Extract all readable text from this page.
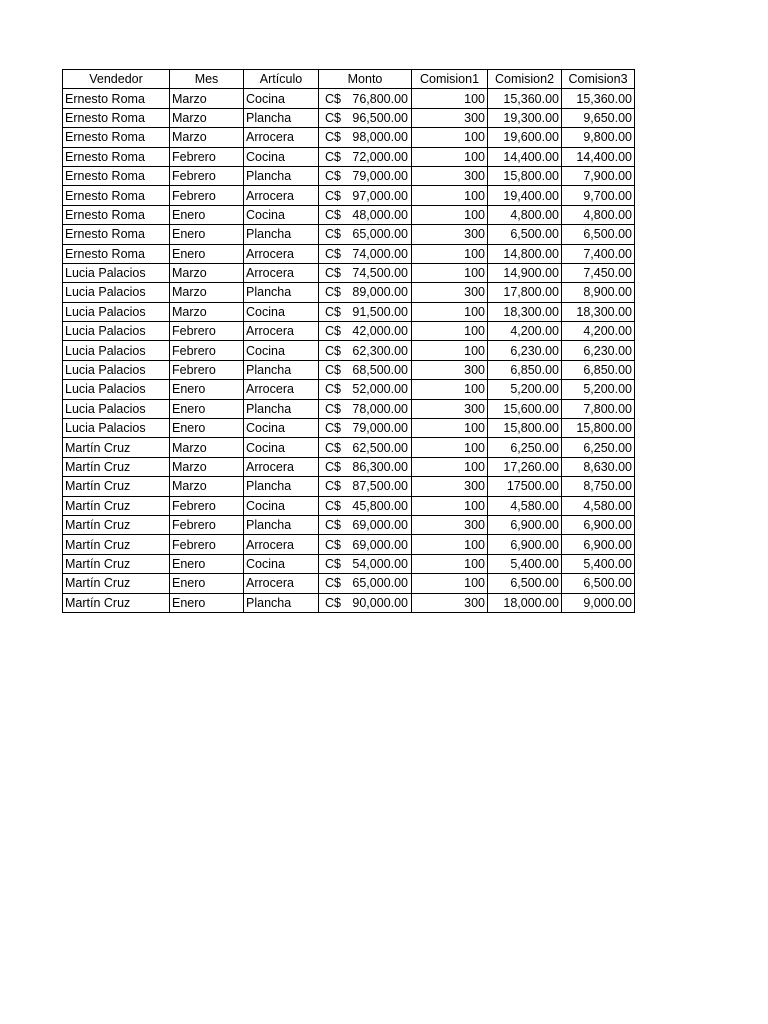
Vendedor	Mes	Artículo	Monto	Comision1	Comision2	Comision3
Ernesto Roma	Marzo	Cocina	C$ 76,800.00	100	15,360.00	15,360.00
Ernesto Roma	Marzo	Plancha	C$ 96,500.00	300	19,300.00	9,650.00
Ernesto Roma	Marzo	Arrocera	C$ 98,000.00	100	19,600.00	9,800.00
Ernesto Roma	Febrero	Cocina	C$ 72,000.00	100	14,400.00	14,400.00
Ernesto Roma	Febrero	Plancha	C$ 79,000.00	300	15,800.00	7,900.00
Ernesto Roma	Febrero	Arrocera	C$ 97,000.00	100	19,400.00	9,700.00
Ernesto Roma	Enero	Cocina	C$ 48,000.00	100	4,800.00	4,800.00
Ernesto Roma	Enero	Plancha	C$ 65,000.00	300	6,500.00	6,500.00
Ernesto Roma	Enero	Arrocera	C$ 74,000.00	100	14,800.00	7,400.00
Lucia Palacios	Marzo	Arrocera	C$ 74,500.00	100	14,900.00	7,450.00
Lucia Palacios	Marzo	Plancha	C$ 89,000.00	300	17,800.00	8,900.00
Lucia Palacios	Marzo	Cocina	C$ 91,500.00	100	18,300.00	18,300.00
Lucia Palacios	Febrero	Arrocera	C$ 42,000.00	100	4,200.00	4,200.00
Lucia Palacios	Febrero	Cocina	C$ 62,300.00	100	6,230.00	6,230.00
Lucia Palacios	Febrero	Plancha	C$ 68,500.00	300	6,850.00	6,850.00
Lucia Palacios	Enero	Arrocera	C$ 52,000.00	100	5,200.00	5,200.00
Lucia Palacios	Enero	Plancha	C$ 78,000.00	300	15,600.00	7,800.00
Lucia Palacios	Enero	Cocina	C$ 79,000.00	100	15,800.00	15,800.00
Martín Cruz	Marzo	Cocina	C$ 62,500.00	100	6,250.00	6,250.00
Martín Cruz	Marzo	Arrocera	C$ 86,300.00	100	17,260.00	8,630.00
Martín Cruz	Marzo	Plancha	C$ 87,500.00	300	17500.00	8,750.00
Martín Cruz	Febrero	Cocina	C$ 45,800.00	100	4,580.00	4,580.00
Martín Cruz	Febrero	Plancha	C$ 69,000.00	300	6,900.00	6,900.00
Martín Cruz	Febrero	Arrocera	C$ 69,000.00	100	6,900.00	6,900.00
Martín Cruz	Enero	Cocina	C$ 54,000.00	100	5,400.00	5,400.00
Martín Cruz	Enero	Arrocera	C$ 65,000.00	100	6,500.00	6,500.00
Martín Cruz	Enero	Plancha	C$ 90,000.00	300	18,000.00	9,000.00
